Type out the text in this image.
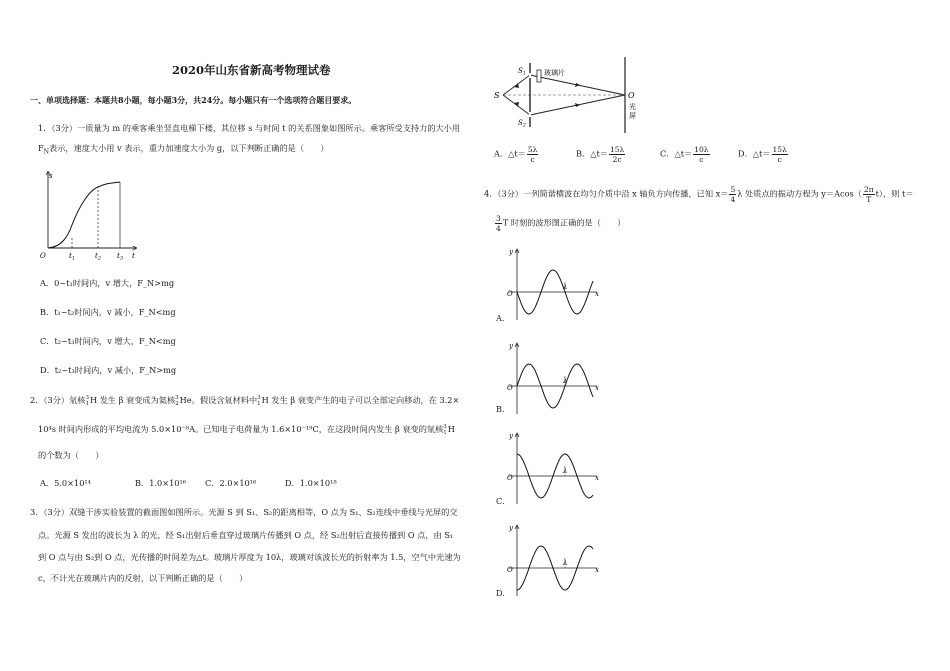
2020年山东省新高考物理试卷
一、单项选择题：本题共8小题，每小题3分，共24分。每小题只有一个选项符合题目要求。
1．（3分）一质量为 m 的乘客乘坐竖直电梯下楼，其位移 s 与时间 t 的关系图象如图所示。乘客所受支持力的大小用
$F_N$表示，速度大小用 v 表示，重力加速度大小为 g，以下判断正确的是（　　）
s
t
O	$t_1$	$t_2$ $t_3$
A．0~t₁时间内，v 增大，F_N>mg
B．t₁~t₂时间内，v 减小，F_N<mg
C．t₂~t₃时间内，v 增大，F_N<mg
D．t₂~t₃时间内，v 减小，F_N>mg
2．（3分）氚核 3
1 H 发生 β 衰变成为氦核 3
2 He。假设含氚材料中 3
1 H 发生 β 衰变产生的电子可以全部定向移动，在 3.2×
10⁴s 时间内形成的平均电流为 5.0×10⁻⁸A。已知电子电荷量为 1.6×10⁻¹⁹C，在这段时间内发生 β 衰变的氚核 3
1 H
的个数为（　　）
A．5.0×10¹⁴	B．1.0×10¹⁶ C．2.0×10¹⁶	D．1.0×10¹⁸
3．（3分）双缝干涉实验装置的截面图如图所示。光源 S 到 S₁、S₂的距离相等，O 点为 S₁、S₂连线中垂线与光屏的交
点。光源 S 发出的波长为 λ 的光，经 S₁出射后垂直穿过玻璃片传播到 O 点，经 S₂出射后直接传播到 O 点，由 S₁
到 O 点与由 S₂到 O 点，光传播的时间差为△t。玻璃片厚度为 10λ，玻璃对该波长光的折射率为 1.5，空气中光速为
c，不计光在玻璃片内的反射，以下判断正确的是（　　）
S
$S_1$
$S_2$
玻璃片
O
光
屏
A．△t＝ $\frac{5\lambda}{c}$	B．△t＝ $\frac{15\lambda}{2c}$	C．△t＝ $\frac{10\lambda}{c}$	D．△t＝ $\frac{15\lambda}{c}$
4．（3分）一列简谐横波在均匀介质中沿 x 轴负方向传播，已知 $x= \frac{5}{4}$ λ 处质点的振动方程为 $y=Acos( \frac{2\pi}{T} t)$，则 t＝
$\frac{3}{4}$ T 时刻的波形图正确的是（　　）
O
y
x
λ
A.
O
y
x
λ
B.
O
y
x
λ
C.
O
y
x
λ
D.
